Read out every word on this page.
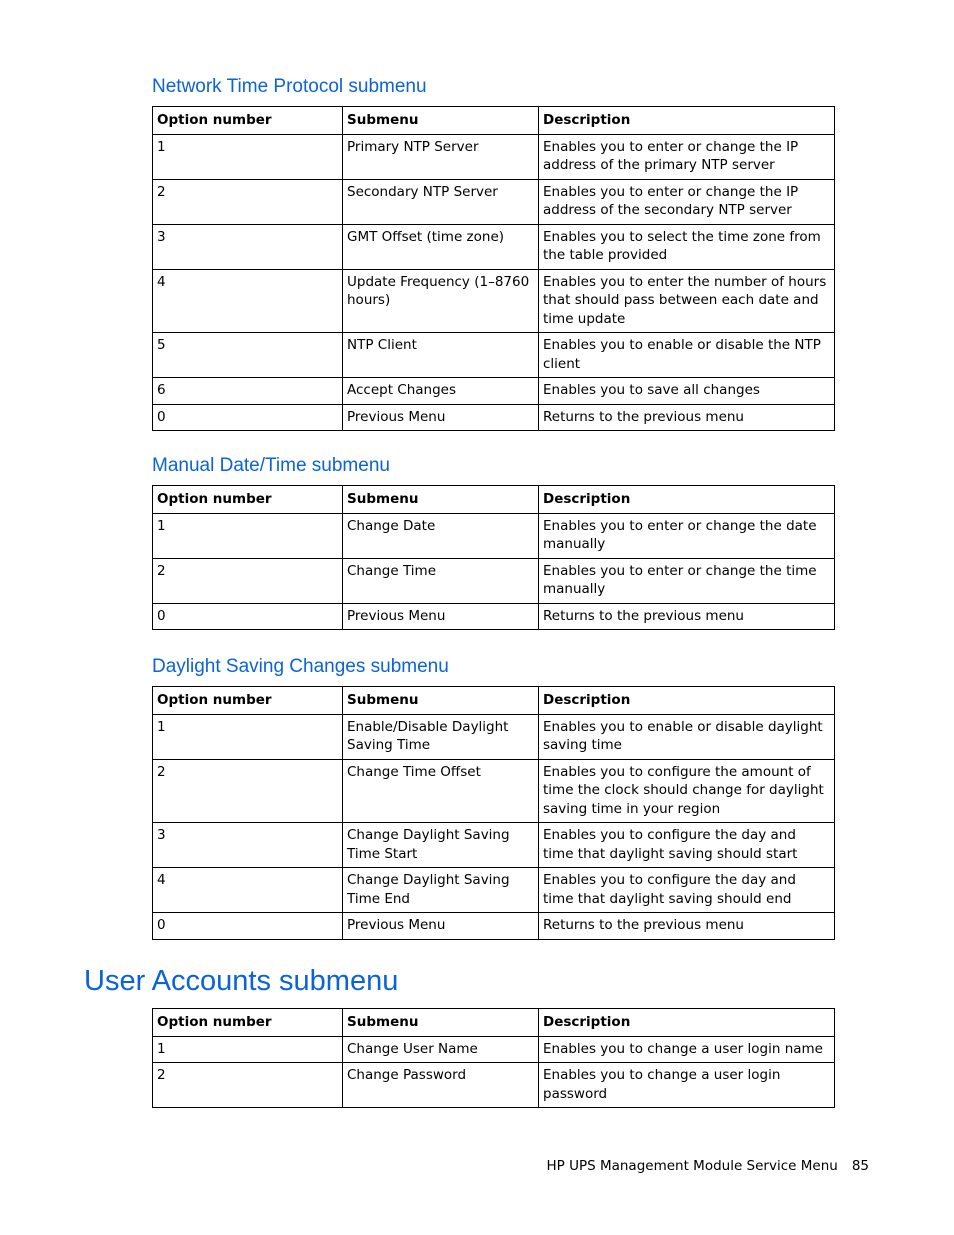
Network Time Protocol submenu
Option number	Submenu	Description
1	Primary NTP Server	Enables you to enter or change the IP address of the primary NTP server
2	Secondary NTP Server	Enables you to enter or change the IP address of the secondary NTP server
3	GMT Offset (time zone)	Enables you to select the time zone from the table provided
4	Update Frequency (1–8760 hours)	Enables you to enter the number of hours that should pass between each date and time update
5	NTP Client	Enables you to enable or disable the NTP client
6	Accept Changes	Enables you to save all changes
0	Previous Menu	Returns to the previous menu
Manual Date/Time submenu
Option number	Submenu	Description
1	Change Date	Enables you to enter or change the date manually
2	Change Time	Enables you to enter or change the time manually
0	Previous Menu	Returns to the previous menu
Daylight Saving Changes submenu
Option number	Submenu	Description
1	Enable/Disable Daylight Saving Time	Enables you to enable or disable daylight saving time
2	Change Time Offset	Enables you to configure the amount of time the clock should change for daylight saving time in your region
3	Change Daylight Saving Time Start	Enables you to configure the day and time that daylight saving should start
4	Change Daylight Saving Time End	Enables you to configure the day and time that daylight saving should end
0	Previous Menu	Returns to the previous menu
User Accounts submenu
Option number	Submenu	Description
1	Change User Name	Enables you to change a user login name
2	Change Password	Enables you to change a user login password
HP UPS Management Module Service Menu 85
